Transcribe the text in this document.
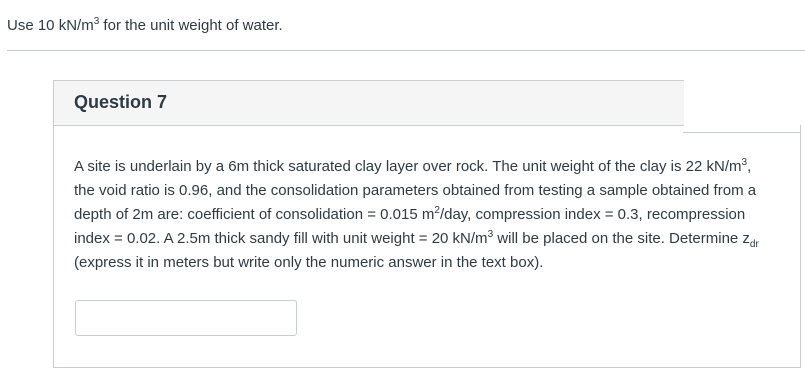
Use 10 $kN/m^3$ for the unit weight of water.
Question 7
A site is underlain by a 6m thick saturated clay layer over rock. The unit weight of the clay is 22 $kN/m^3$, the void ratio is 0.96, and the consolidation parameters obtained from testing a sample obtained from a depth of 2m are: coefficient of consolidation = 0.015 $m^2$/day, compression index = 0.3, recompression index = 0.02. A 2.5m thick sandy fill with unit weight = 20 $kN/m^3$ will be placed on the site. Determine $z_{dr}$ (express it in meters but write only the numeric answer in the text box).
